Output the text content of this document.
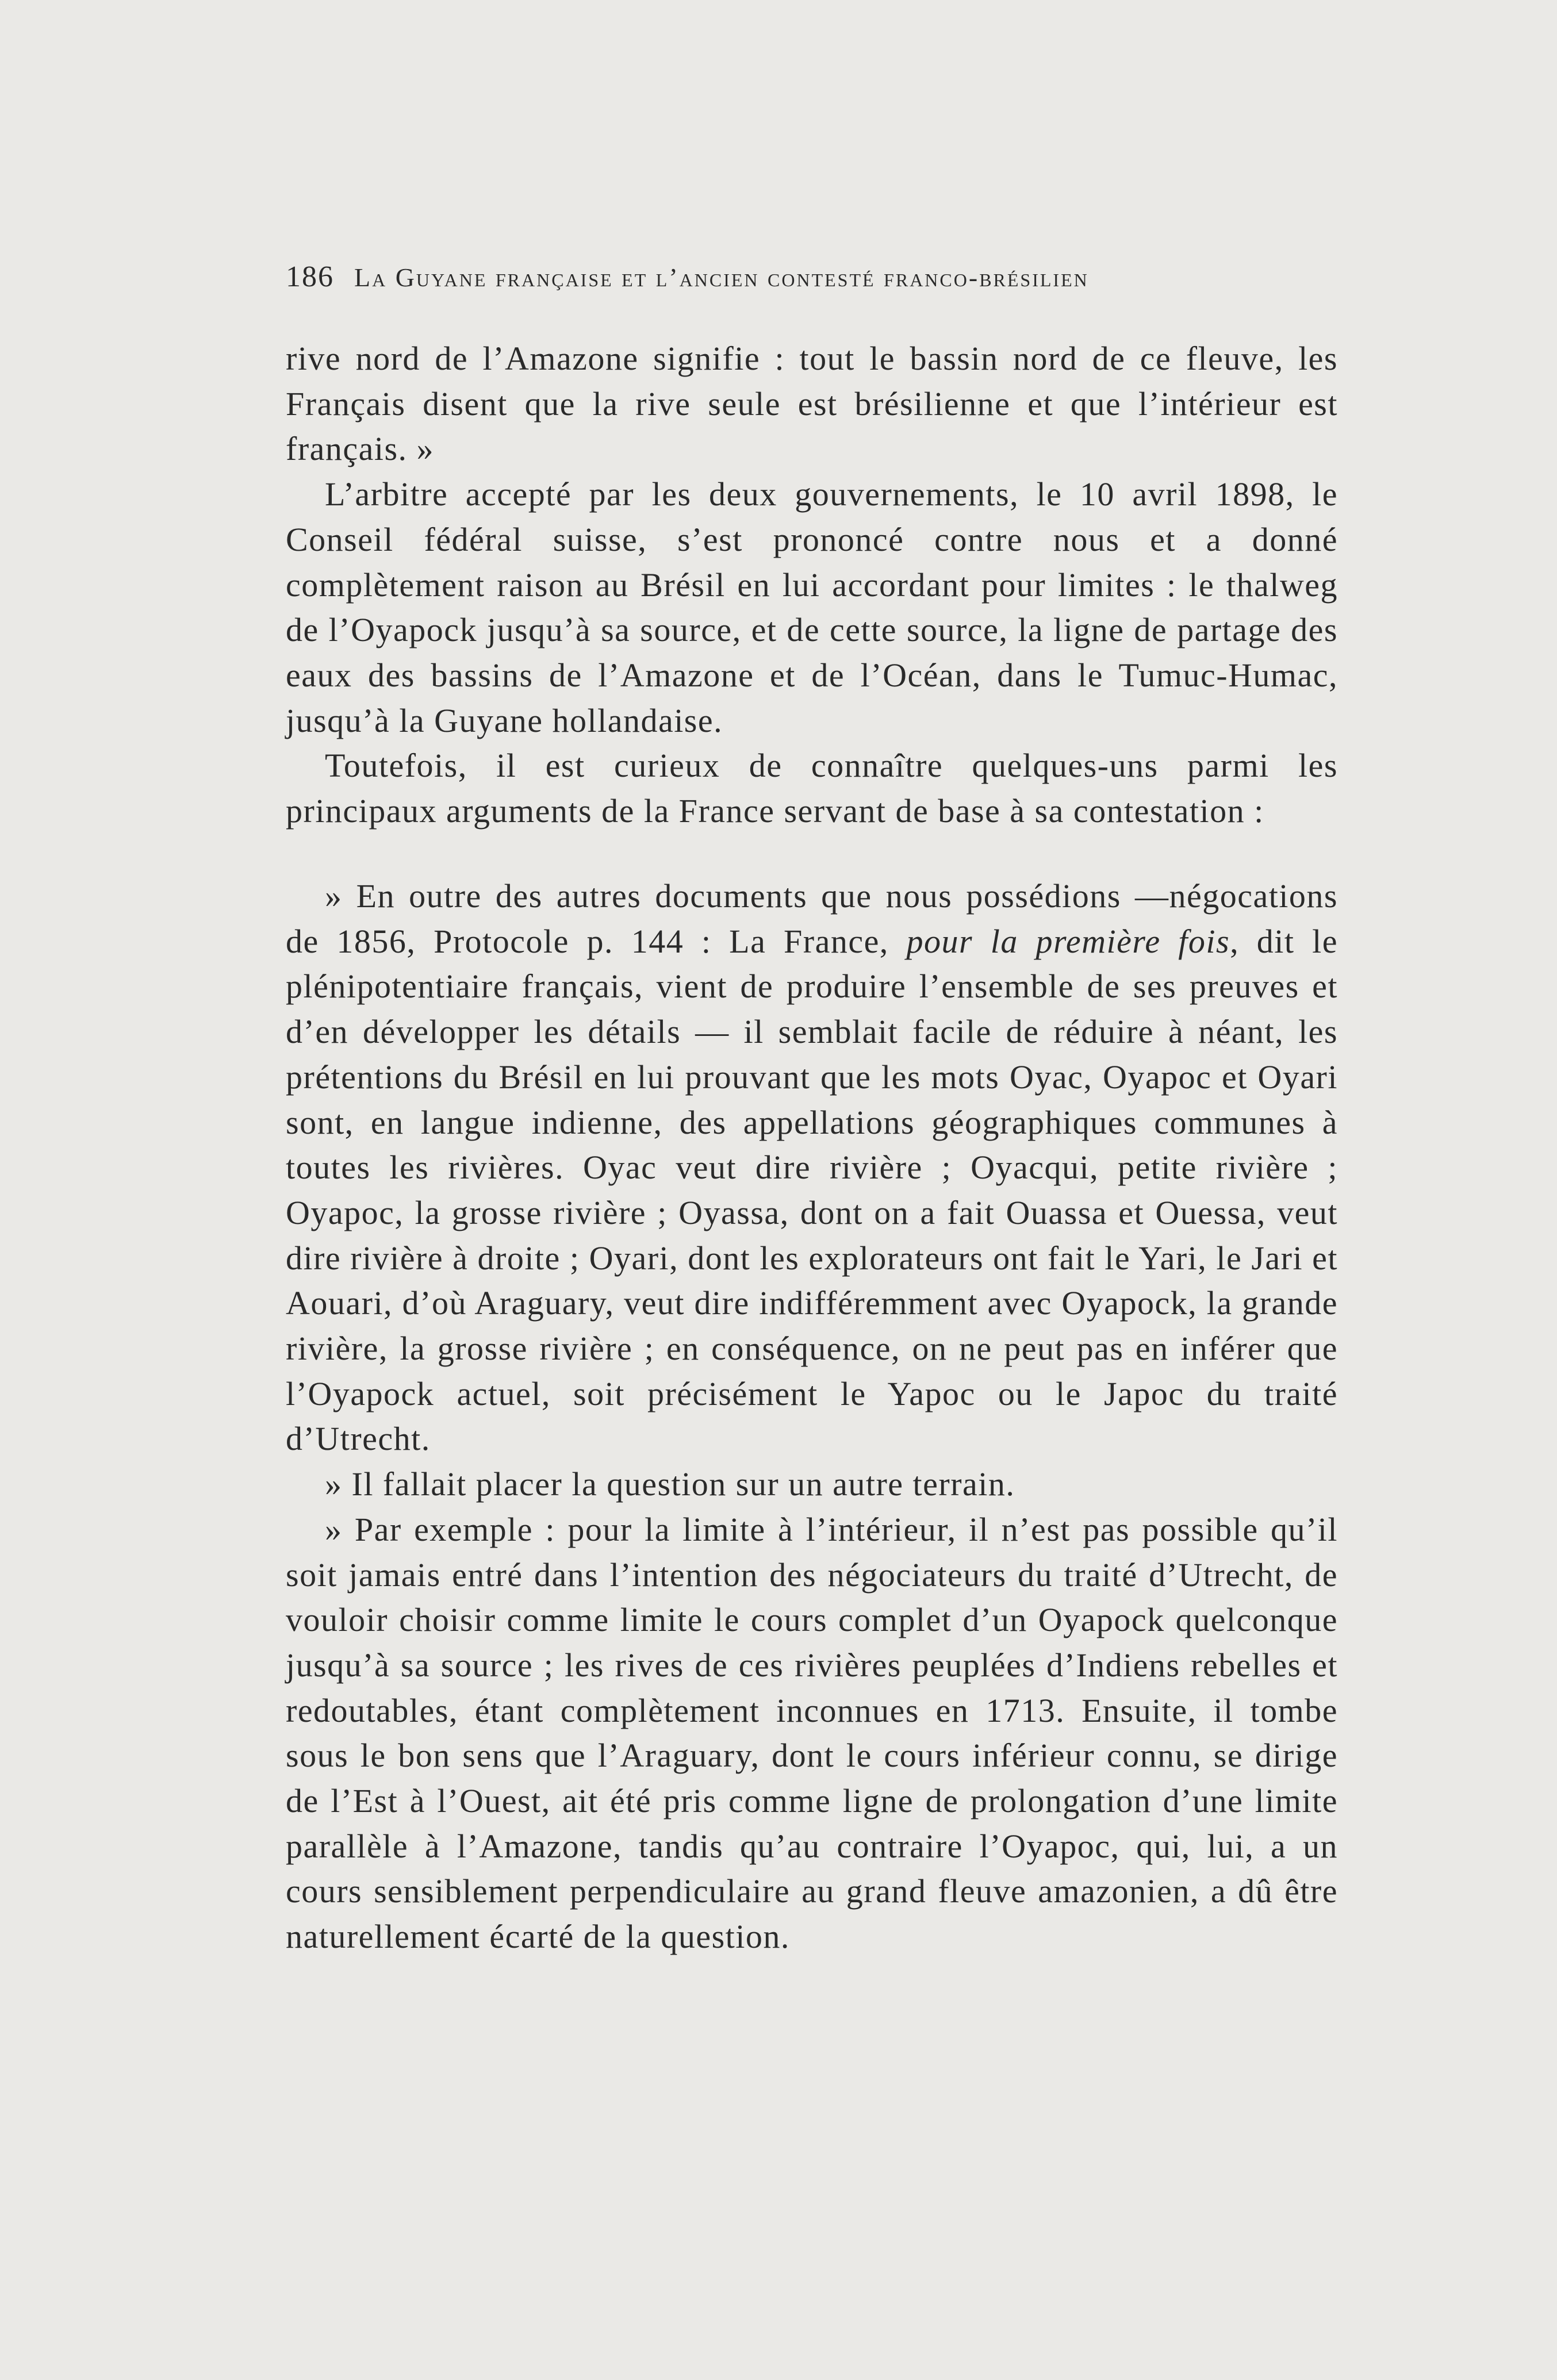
186 La Guyane française et l’ancien contesté franco-brésilien

rive nord de l’Amazone signifie : tout le bassin nord de ce fleuve, les Français disent que la rive seule est brésilienne et que l’intérieur est français. »

L’arbitre accepté par les deux gouvernements, le 10 avril 1898, le Conseil fédéral suisse, s’est prononcé contre nous et a donné complètement raison au Brésil en lui accordant pour limites : le thalweg de l’Oyapock jusqu’à sa source, et de cette source, la ligne de partage des eaux des bassins de l’Amazone et de l’Océan, dans le Tumuc-Humac, jusqu’à la Guyane hollandaise.

Toutefois, il est curieux de connaître quelques-uns parmi les principaux arguments de la France servant de base à sa contestation :

» En outre des autres documents que nous possédions —négocations de 1856, Protocole p. 144 : La France, pour la première fois, dit le plénipotentiaire français, vient de produire l’ensemble de ses preuves et d’en développer les détails — il semblait facile de réduire à néant, les prétentions du Brésil en lui prouvant que les mots Oyac, Oyapoc et Oyari sont, en langue indienne, des appellations géographiques communes à toutes les rivières. Oyac veut dire rivière ; Oyacqui, petite rivière ; Oyapoc, la grosse rivière ; Oyassa, dont on a fait Ouassa et Ouessa, veut dire rivière à droite ; Oyari, dont les explorateurs ont fait le Yari, le Jari et Aouari, d’où Araguary, veut dire indifféremment avec Oyapock, la grande rivière, la grosse rivière ; en conséquence, on ne peut pas en inférer que l’Oyapock actuel, soit précisément le Yapoc ou le Japoc du traité d’Utrecht.

» Il fallait placer la question sur un autre terrain.

» Par exemple : pour la limite à l’intérieur, il n’est pas possible qu’il soit jamais entré dans l’intention des négociateurs du traité d’Utrecht, de vouloir choisir comme limite le cours complet d’un Oyapock quelconque jusqu’à sa source ; les rives de ces rivières peuplées d’Indiens rebelles et redoutables, étant complètement inconnues en 1713. Ensuite, il tombe sous le bon sens que l’Araguary, dont le cours inférieur connu, se dirige de l’Est à l’Ouest, ait été pris comme ligne de prolongation d’une limite parallèle à l’Amazone, tandis qu’au contraire l’Oyapoc, qui, lui, a un cours sensiblement perpendiculaire au grand fleuve amazonien, a dû être naturellement écarté de la question.
